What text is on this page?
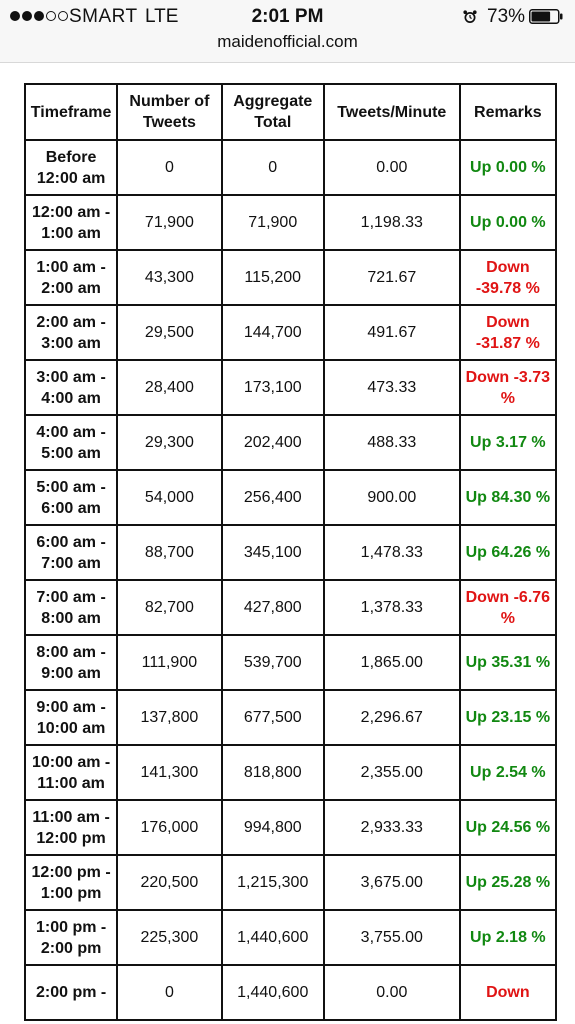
SMART LTE	2:01 PM	73%
maidenofficial.com
Timeframe	Number of Tweets	Aggregate Total	Tweets/Minute	Remarks
Before 12:00 am	0	0	0.00	Up 0.00 %
12:00 am - 1:00 am	71,900	71,900	1,198.33	Up 0.00 %
1:00 am - 2:00 am	43,300	115,200	721.67	Down -39.78 %
2:00 am - 3:00 am	29,500	144,700	491.67	Down -31.87 %
3:00 am - 4:00 am	28,400	173,100	473.33	Down -3.73 %
4:00 am - 5:00 am	29,300	202,400	488.33	Up 3.17 %
5:00 am - 6:00 am	54,000	256,400	900.00	Up 84.30 %
6:00 am - 7:00 am	88,700	345,100	1,478.33	Up 64.26 %
7:00 am - 8:00 am	82,700	427,800	1,378.33	Down -6.76 %
8:00 am - 9:00 am	111,900	539,700	1,865.00	Up 35.31 %
9:00 am - 10:00 am	137,800	677,500	2,296.67	Up 23.15 %
10:00 am - 11:00 am	141,300	818,800	2,355.00	Up 2.54 %
11:00 am - 12:00 pm	176,000	994,800	2,933.33	Up 24.56 %
12:00 pm - 1:00 pm	220,500	1,215,300	3,675.00	Up 25.28 %
1:00 pm - 2:00 pm	225,300	1,440,600	3,755.00	Up 2.18 %
2:00 pm -	0	1,440,600	0.00	Down
